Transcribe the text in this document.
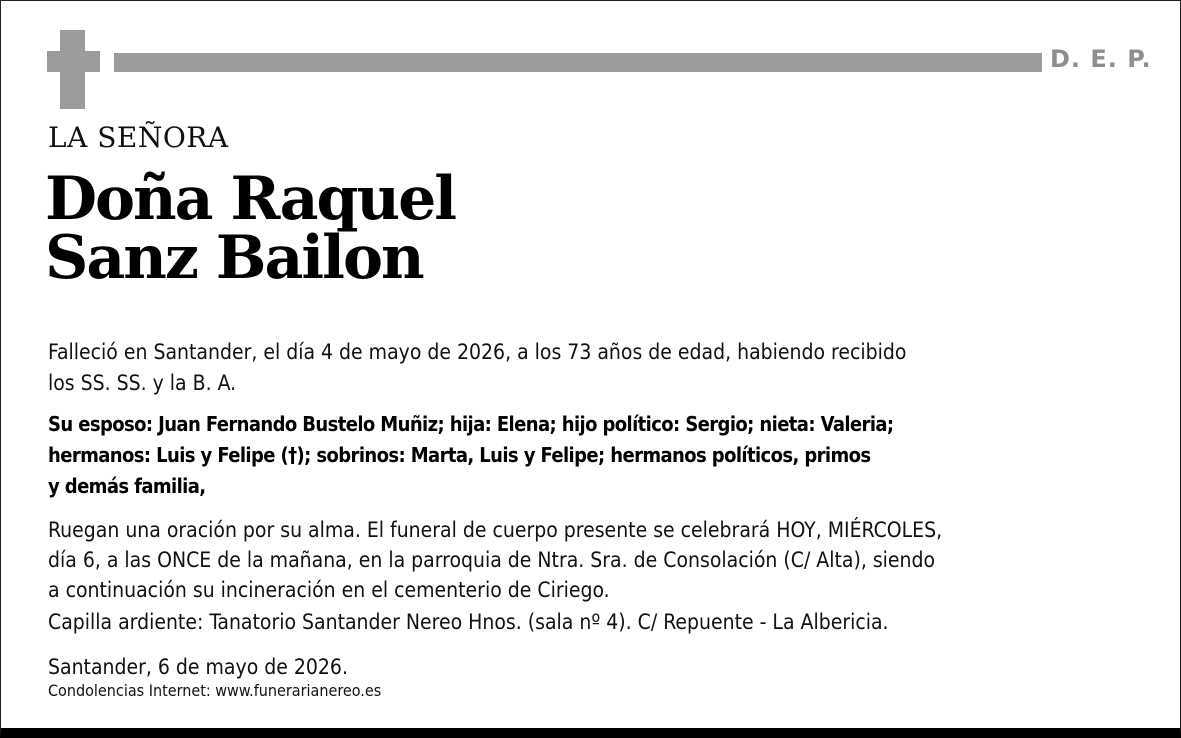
D. E. P.
LA SEÑORA
Doña Raquel
Sanz Bailon

Falleció en Santander, el día 4 de mayo de 2026, a los 73 años de edad, habiendo recibido
los SS. SS. y la B. A.

Su esposo: Juan Fernando Bustelo Muñiz; hija: Elena; hijo político: Sergio; nieta: Valeria;
hermanos: Luis y Felipe (†); sobrinos: Marta, Luis y Felipe; hermanos políticos, primos
y demás familia,

Ruegan una oración por su alma. El funeral de cuerpo presente se celebrará HOY, MIÉRCOLES,
día 6, a las ONCE de la mañana, en la parroquia de Ntra. Sra. de Consolación (C/ Alta), siendo
a continuación su incineración en el cementerio de Ciriego.

Capilla ardiente: Tanatorio Santander Nereo Hnos. (sala nº 4). C/ Repuente - La Albericia.

Santander, 6 de mayo de 2026.

Condolencias Internet: www.funerarianereo.es
